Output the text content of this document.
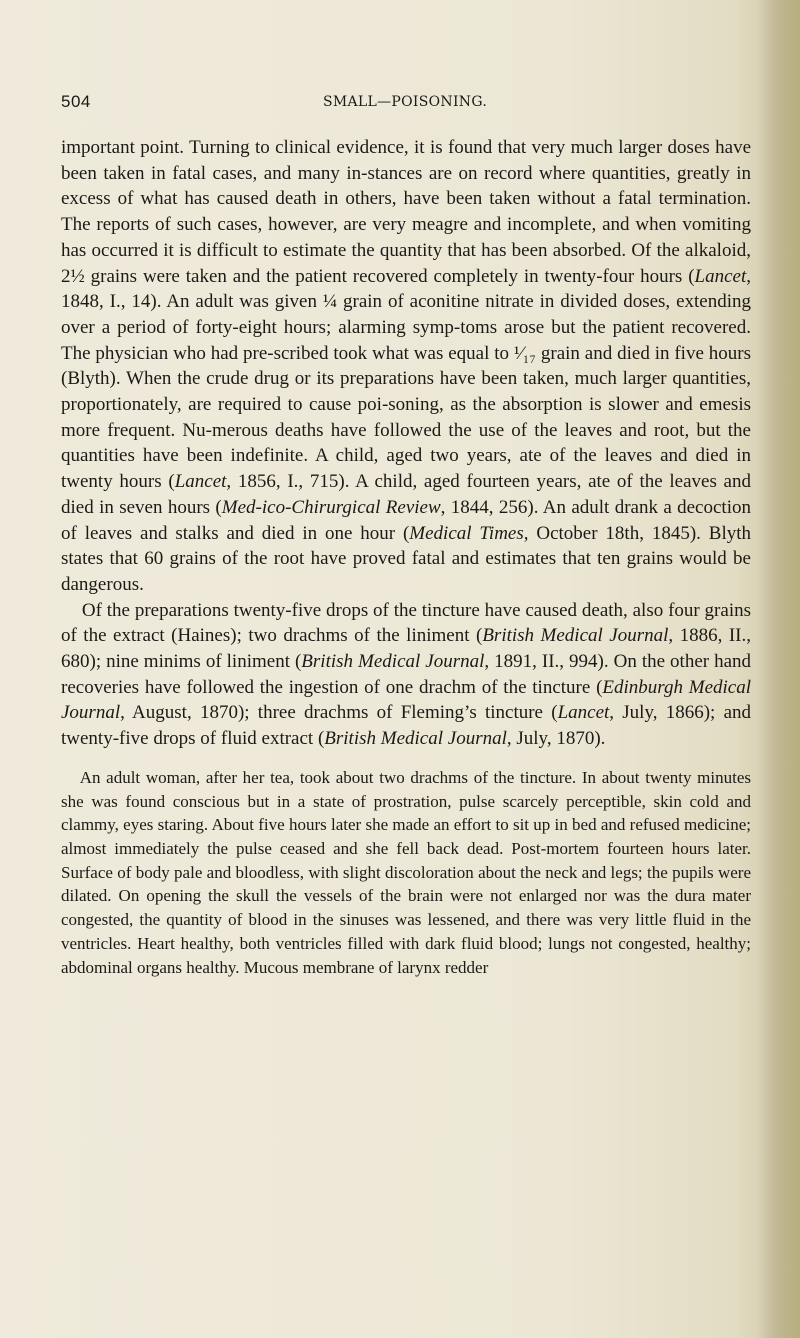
504	SMALL—POISONING.

important point. Turning to clinical evidence, it is found that very much larger doses have been taken in fatal cases, and many in-stances are on record where quantities, greatly in excess of what has caused death in others, have been taken without a fatal termination. The reports of such cases, however, are very meagre and incomplete, and when vomiting has occurred it is difficult to estimate the quantity that has been absorbed. Of the alkaloid, 2½ grains were taken and the patient recovered completely in twenty-four hours (Lancet, 1848, I., 14). An adult was given ¼ grain of aconitine nitrate in divided doses, extending over a period of forty-eight hours; alarming symp-toms arose but the patient recovered. The physician who had pre-scribed took what was equal to ¹⁄₁₇ grain and died in five hours (Blyth). When the crude drug or its preparations have been taken, much larger quantities, proportionately, are required to cause poi-soning, as the absorption is slower and emesis more frequent. Nu-merous deaths have followed the use of the leaves and root, but the quantities have been indefinite. A child, aged two years, ate of the leaves and died in twenty hours (Lancet, 1856, I., 715). A child, aged fourteen years, ate of the leaves and died in seven hours (Med-ico-Chirurgical Review, 1844, 256). An adult drank a decoction of leaves and stalks and died in one hour (Medical Times, October 18th, 1845). Blyth states that 60 grains of the root have proved fatal and estimates that ten grains would be dangerous.

Of the preparations twenty-five drops of the tincture have caused death, also four grains of the extract (Haines); two drachms of the liniment (British Medical Journal, 1886, II., 680); nine minims of liniment (British Medical Journal, 1891, II., 994). On the other hand recoveries have followed the ingestion of one drachm of the tincture (Edinburgh Medical Journal, August, 1870); three drachms of Fleming’s tincture (Lancet, July, 1866); and twenty-five drops of fluid extract (British Medical Journal, July, 1870).

An adult woman, after her tea, took about two drachms of the tincture. In about twenty minutes she was found conscious but in a state of prostration, pulse scarcely perceptible, skin cold and clammy, eyes staring. About five hours later she made an effort to sit up in bed and refused medicine; almost immediately the pulse ceased and she fell back dead. Post-mortem fourteen hours later. Surface of body pale and bloodless, with slight discoloration about the neck and legs; the pupils were dilated. On opening the skull the vessels of the brain were not enlarged nor was the dura mater congested, the quantity of blood in the sinuses was lessened, and there was very little fluid in the ventricles. Heart healthy, both ventricles filled with dark fluid blood; lungs not congested, healthy; abdominal organs healthy. Mucous membrane of larynx redder
